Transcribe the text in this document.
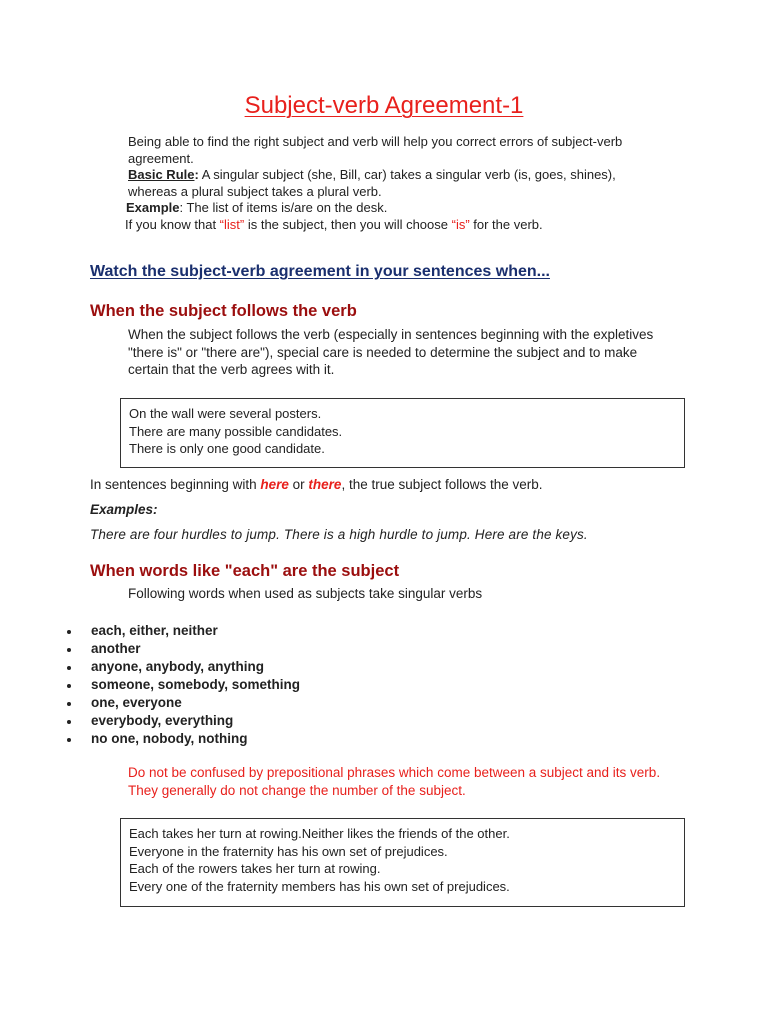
Subject-verb Agreement-1

Being able to find the right subject and verb will help you correct errors of subject-verb agreement.

Basic Rule: A singular subject (she, Bill, car) takes a singular verb (is, goes, shines), whereas a plural subject takes a plural verb.

Example: The list of items is/are on the desk.

If you know that “list” is the subject, then you will choose “is” for the verb.

Watch the subject-verb agreement in your sentences when...
When the subject follows the verb

When the subject follows the verb (especially in sentences beginning with the expletives "there is" or "there are"), special care is needed to determine the subject and to make certain that the verb agrees with it.

On the wall were several posters.

There are many possible candidates.

There is only one good candidate.

In sentences beginning with here or there, the true subject follows the verb.

Examples:

There are four hurdles to jump. There is a high hurdle to jump. Here are the keys.

When words like "each" are the subject

Following words when used as subjects take singular verbs

each, either, neither
another
anyone, anybody, anything
someone, somebody, something
one, everyone
everybody, everything
no one, nobody, nothing

Do not be confused by prepositional phrases which come between a subject and its verb. They generally do not change the number of the subject.

Each takes her turn at rowing.Neither likes the friends of the other.

Everyone in the fraternity has his own set of prejudices.

Each of the rowers takes her turn at rowing.

Every one of the fraternity members has his own set of prejudices.
